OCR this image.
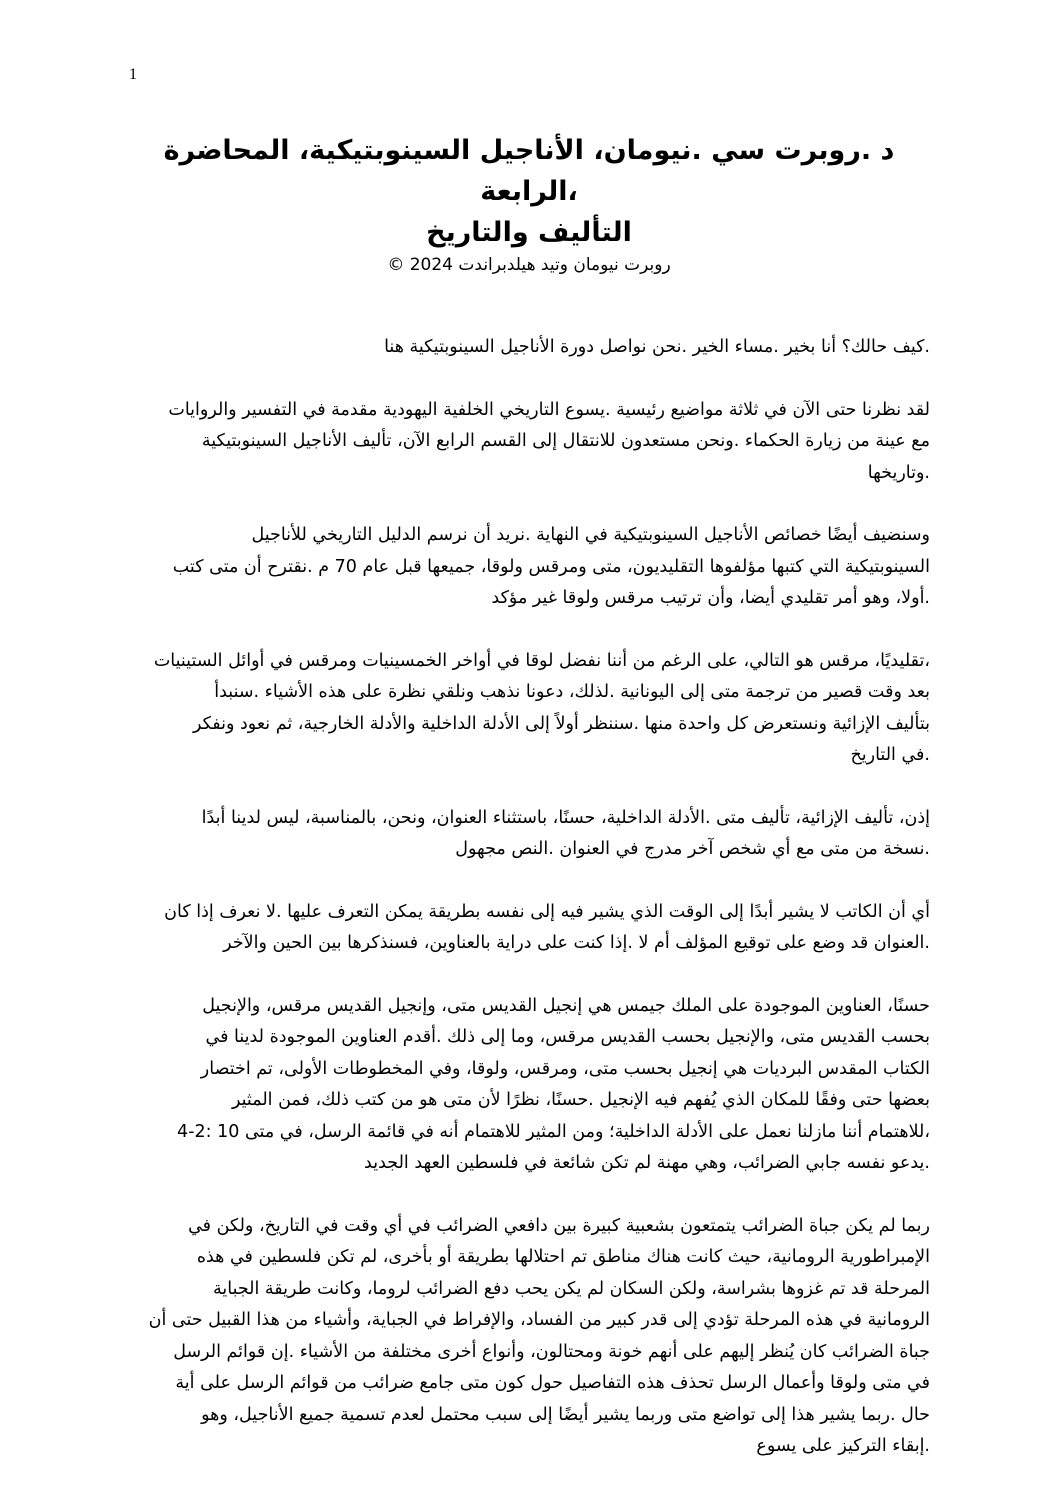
1
د .روبرت سي .نيومان، الأناجيل السينوبتيكية، المحاضرة
،الرابعة
التأليف والتاريخ
روبرت نيومان وتيد هيلدبراندت 2024 ©
.كيف حالك؟ أنا بخير .مساء الخير .نحن نواصل دورة الأناجيل السينوبتيكية هنا
لقد نظرنا حتى الآن في ثلاثة مواضيع رئيسية .يسوع التاريخي الخلفية اليهودية مقدمة في التفسير والروايات
مع عينة من زيارة الحكماء .ونحن مستعدون للانتقال إلى القسم الرابع الآن، تأليف الأناجيل السينوبتيكية
.وتاريخها
وسنضيف أيضًا خصائص الأناجيل السينوبتيكية في النهاية .نريد أن نرسم الدليل التاريخي للأناجيل
السينوبتيكية التي كتبها مؤلفوها التقليديون، متى ومرقس ولوقا، جميعها قبل عام 70 م .نقترح أن متى كتب
.أولا، وهو أمر تقليدي أيضا، وأن ترتيب مرقس ولوقا غير مؤكد
،تقليديًا، مرقس هو التالي، على الرغم من أننا نفضل لوقا في أواخر الخمسينيات ومرقس في أوائل الستينيات
بعد وقت قصير من ترجمة متى إلى اليونانية .لذلك، دعونا نذهب ونلقي نظرة على هذه الأشياء .سنبدأ
بتأليف الإزائية ونستعرض كل واحدة منها .سننظر أولاً إلى الأدلة الداخلية والأدلة الخارجية، ثم نعود ونفكر
.في التاريخ
إذن، تأليف الإزائية، تأليف متى .الأدلة الداخلية، حسنًا، باستثناء العنوان، ونحن، بالمناسبة، ليس لدينا أبدًا
.نسخة من متى مع أي شخص آخر مدرج في العنوان .النص مجهول
أي أن الكاتب لا يشير أبدًا إلى الوقت الذي يشير فيه إلى نفسه بطريقة يمكن التعرف عليها .لا نعرف إذا كان
.العنوان قد وضع على توقيع المؤلف أم لا .إذا كنت على دراية بالعناوين، فسنذكرها بين الحين والآخر
حسنًا، العناوين الموجودة على الملك جيمس هي إنجيل القديس متى، وإنجيل القديس مرقس، والإنجيل
بحسب القديس متى، والإنجيل بحسب القديس مرقس، وما إلى ذلك .أقدم العناوين الموجودة لدينا في
الكتاب المقدس البرديات هي إنجيل بحسب متى، ومرقس، ولوقا، وفي المخطوطات الأولى، تم اختصار
بعضها حتى وفقًا للمكان الذي يُفهم فيه الإنجيل .حسنًا، نظرًا لأن متى هو من كتب ذلك، فمن المثير
،للاهتمام أننا مازلنا نعمل على الأدلة الداخلية؛ ومن المثير للاهتمام أنه في قائمة الرسل، في متى 10 :2-4
.يدعو نفسه جابي الضرائب، وهي مهنة لم تكن شائعة في فلسطين العهد الجديد
ربما لم يكن جباة الضرائب يتمتعون بشعبية كبيرة بين دافعي الضرائب في أي وقت في التاريخ، ولكن في
الإمبراطورية الرومانية، حيث كانت هناك مناطق تم احتلالها بطريقة أو بأخرى، لم تكن فلسطين في هذه
المرحلة قد تم غزوها بشراسة، ولكن السكان لم يكن يحب دفع الضرائب لروما، وكانت طريقة الجباية
الرومانية في هذه المرحلة تؤدي إلى قدر كبير من الفساد، والإفراط في الجباية، وأشياء من هذا القبيل حتى أن
جباة الضرائب كان يُنظر إليهم على أنهم خونة ومحتالون، وأنواع أخرى مختلفة من الأشياء .إن قوائم الرسل
في متى ولوقا وأعمال الرسل تحذف هذه التفاصيل حول كون متى جامع ضرائب من قوائم الرسل على أية
حال .ربما يشير هذا إلى تواضع متى وربما يشير أيضًا إلى سبب محتمل لعدم تسمية جميع الأناجيل، وهو
.إبقاء التركيز على يسوع
